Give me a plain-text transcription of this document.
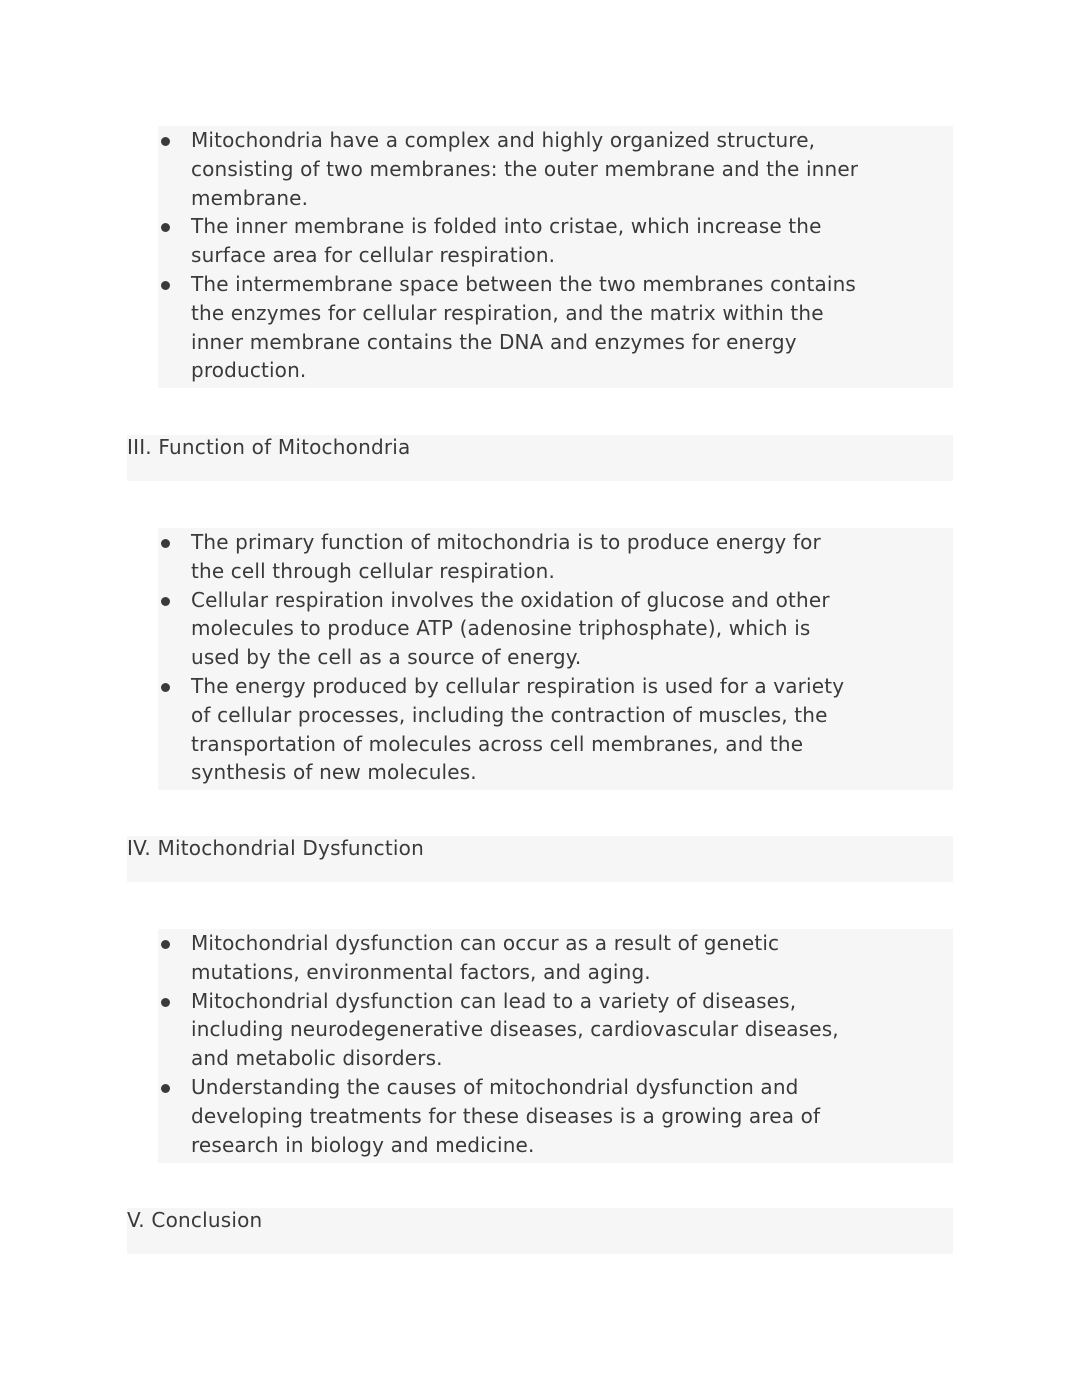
Mitochondria have a complex and highly organized structure,
consisting of two membranes: the outer membrane and the inner
membrane.
The inner membrane is folded into cristae, which increase the
surface area for cellular respiration.
The intermembrane space between the two membranes contains
the enzymes for cellular respiration, and the matrix within the
inner membrane contains the DNA and enzymes for energy
production.
III. Function of Mitochondria
The primary function of mitochondria is to produce energy for
the cell through cellular respiration.
Cellular respiration involves the oxidation of glucose and other
molecules to produce ATP (adenosine triphosphate), which is
used by the cell as a source of energy.
The energy produced by cellular respiration is used for a variety
of cellular processes, including the contraction of muscles, the
transportation of molecules across cell membranes, and the
synthesis of new molecules.
IV. Mitochondrial Dysfunction
Mitochondrial dysfunction can occur as a result of genetic
mutations, environmental factors, and aging.
Mitochondrial dysfunction can lead to a variety of diseases,
including neurodegenerative diseases, cardiovascular diseases,
and metabolic disorders.
Understanding the causes of mitochondrial dysfunction and
developing treatments for these diseases is a growing area of
research in biology and medicine.
V. Conclusion
